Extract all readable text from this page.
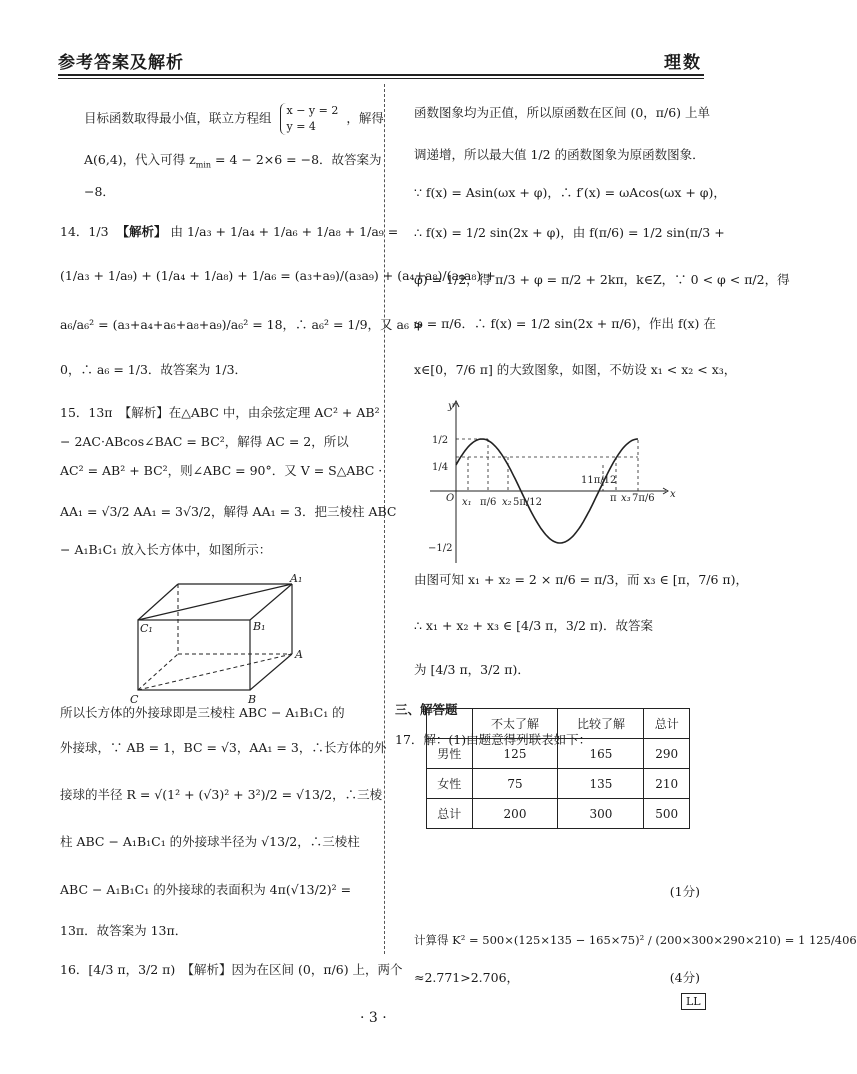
参考答案及解析	理数
目标函数取得最小值，联立方程组 x − y = 2
y = 4
，解得
A(6,4)，代入可得 $z_{min} = 4 - 2\times 6 = -8$．故答案为
−8．
14．1/3 【解析】 由 1/a₃ + 1/a₄ + 1/a₆ + 1/a₈ + 1/a₉ =
(1/a₃ + 1/a₉) + (1/a₄ + 1/a₈) + 1/a₆ = (a₃+a₉)/(a₃a₉) + (a₄+a₈)/(a₄a₈) +
a₆/a₆² = (a₃+a₄+a₆+a₈+a₉)/a₆² = 18，∴ a₆² = 1/9，又 a₆ >
0，∴ a₆ = 1/3．故答案为 1/3．
15．13π　【解析】在△ABC 中，由余弦定理 AC² + AB²
− 2AC·ABcos∠BAC = BC²，解得 AC = 2，所以
AC² = AB² + BC²，则∠ABC = 90°．又 V = S△ABC ·
AA₁ = √3/2 AA₁ = 3√3/2，解得 AA₁ = 3．把三棱柱 ABC
− A₁B₁C₁ 放入长方体中，如图所示：
A₁
C₁	B₁
A
C	B
所以长方体的外接球即是三棱柱 ABC − A₁B₁C₁ 的
外接球，∵ AB = 1，BC = √3，AA₁ = 3，∴长方体的外
接球的半径 R = √(1² + (√3)² + 3²)/2 = √13/2，∴三棱
柱 ABC − A₁B₁C₁ 的外接球半径为 √13/2，∴三棱柱
ABC − A₁B₁C₁ 的外接球的表面积为 4π(√13/2)² =
13π．故答案为 13π．
16．[4/3 π，3/2 π)　【解析】因为在区间 (0，π/6) 上，两个
函数图象均为正值，所以原函数在区间 (0，π/6) 上单
调递增，所以最大值 1/2 的函数图象为原函数图象．
∵ f(x) = Asin(ωx + φ)，∴ f′(x) = ωAcos(ωx + φ)，
∴ f(x) = 1/2 sin(2x + φ)，由 f(π/6) = 1/2 sin(π/3 +
φ) = 1/2，得 π/3 + φ = π/2 + 2kπ，k∈Z，∵ 0 < φ < π/2，得
φ = π/6．∴ f(x) = 1/2 sin(2x + π/6)，作出 f(x) 在
x∈[0，7/6 π] 的大致图象，如图，不妨设 x₁ < x₂ < x₃，
y
x
O
1/2
1/4
−1/2
x₁ π/6 x₂ 5π/12
11π/12
π x₃ 7π/6
由图可知 x₁ + x₂ = 2 × π/6 = π/3，而 x₃ ∈ [π，7/6 π)，
∴ x₁ + x₂ + x₃ ∈ [4/3 π，3/2 π)．故答案
为 [4/3 π，3/2 π)．
三、解答题
17．解：(1)由题意得列联表如下：
	不太了解	比较了解	总计
男性	125	165	290
女性	75	135	210
总计	200	300	500
(1分)
计算得 K² = 500×(125×135 − 165×75)² / (200×300×290×210) = 1 125/406
≈2.771>2.706，	(4分)
· 3 ·
LL
